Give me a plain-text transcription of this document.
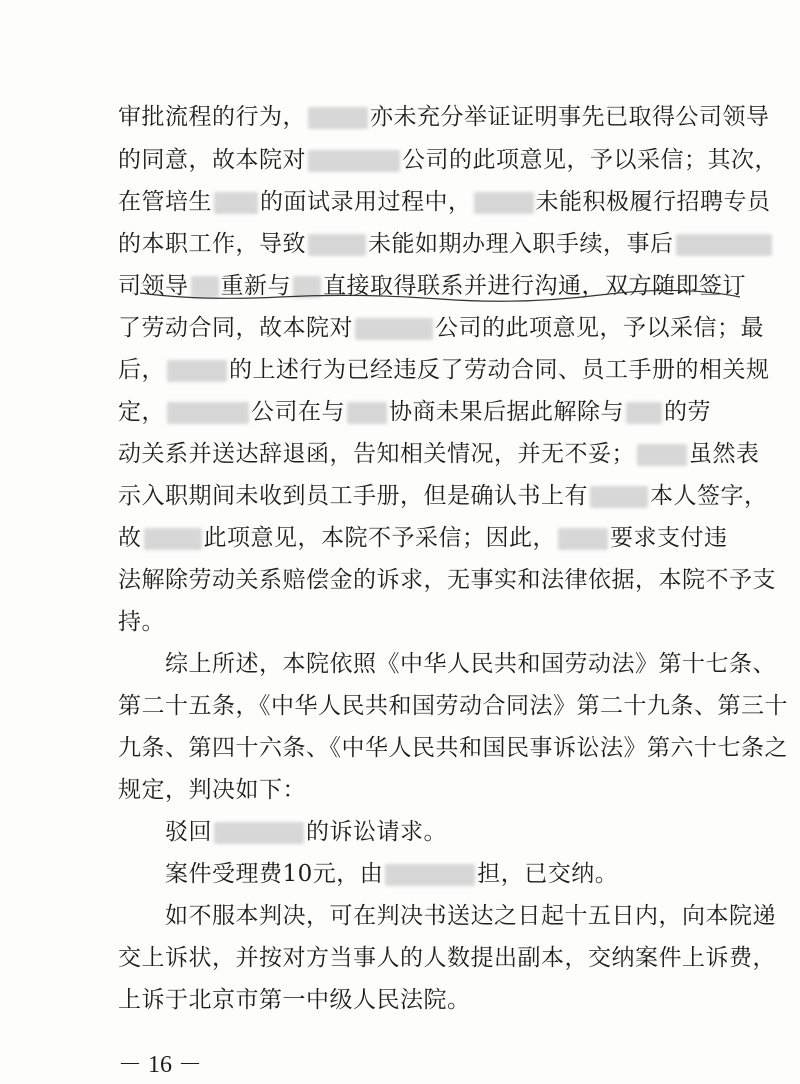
审批流程的行为，	亦未充分举证证明事先已取得公司领导
的同意，故本院对	公司的此项意见，予以采信；其次，
在管培生 的面试录用过程中，	未能积极履行招聘专员
的本职工作，导致	未能如期办理入职手续，事后
司领导 重新与 直接取得联系并进行沟通，双方随即签订
了劳动合同，故本院对	公司的此项意见，予以采信；最
后，	的上述行为已经违反了劳动合同、员工手册的相关规
定，	公司在与 协商未果后据此解除与 的劳
动关系并送达辞退函，告知相关情况，并无不妥； 虽然表
示入职期间未收到员工手册，但是确认书上有	本人签字，
故	此项意见，本院不予采信；因此， 要求支付违
法解除劳动关系赔偿金的诉求，无事实和法律依据，本院不予支
持。
　　综上所述，本院依照《中华人民共和国劳动法》第十七条、
第二十五条，《中华人民共和国劳动合同法》第二十九条、第三十
九条、第四十六条、《中华人民共和国民事诉讼法》第六十七条之
规定，判决如下：
　　驳回	的诉讼请求。
　　案件受理费10元，由	担，已交纳。
　　如不服本判决，可在判决书送达之日起十五日内，向本院递
交上诉状，并按对方当事人的人数提出副本，交纳案件上诉费，
上诉于北京市第一中级人民法院。
－ 16 －
